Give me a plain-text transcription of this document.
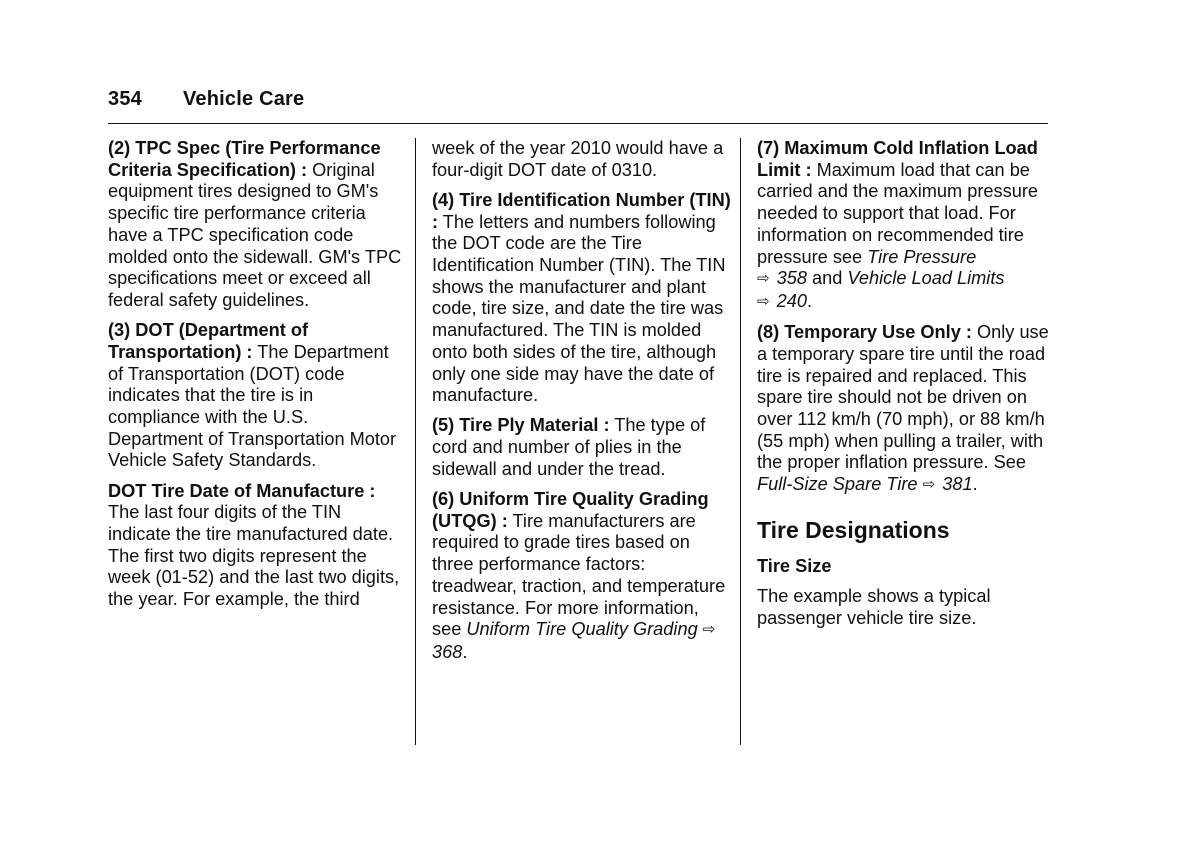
354 Vehicle Care

(2) TPC Spec (Tire Performance Criteria Specification) : Original equipment tires designed to GM's specific tire performance criteria have a TPC specification code molded onto the sidewall. GM's TPC specifications meet or exceed all federal safety guidelines.

(3) DOT (Department of Transportation) : The Department of Transportation (DOT) code indicates that the tire is in compliance with the U.S. Department of Transportation Motor Vehicle Safety Standards.

DOT Tire Date of Manufacture : The last four digits of the TIN indicate the tire manufactured date. The first two digits represent the week (01-52) and the last two digits, the year. For example, the third

week of the year 2010 would have a four-digit DOT date of 0310.

(4) Tire Identification Number (TIN) : The letters and numbers following the DOT code are the Tire Identification Number (TIN). The TIN shows the manufacturer and plant code, tire size, and date the tire was manufactured. The TIN is molded onto both sides of the tire, although only one side may have the date of manufacture.

(5) Tire Ply Material : The type of cord and number of plies in the sidewall and under the tread.

(6) Uniform Tire Quality Grading (UTQG) : Tire manufacturers are required to grade tires based on three performance factors: treadwear, traction, and temperature resistance. For more information, see Uniform Tire Quality Grading ⇨368.

(7) Maximum Cold Inflation Load Limit : Maximum load that can be carried and the maximum pressure needed to support that load. For information on recommended tire pressure see Tire Pressure
⇨ 358 and Vehicle Load Limits
⇨ 240.

(8) Temporary Use Only : Only use a temporary spare tire until the road tire is repaired and replaced. This spare tire should not be driven on over 112 km/h (70 mph), or 88 km/h (55 mph) when pulling a trailer, with the proper inflation pressure. See Full-Size Spare Tire ⇨ 381.

Tire Designations
Tire Size

The example shows a typical passenger vehicle tire size.
